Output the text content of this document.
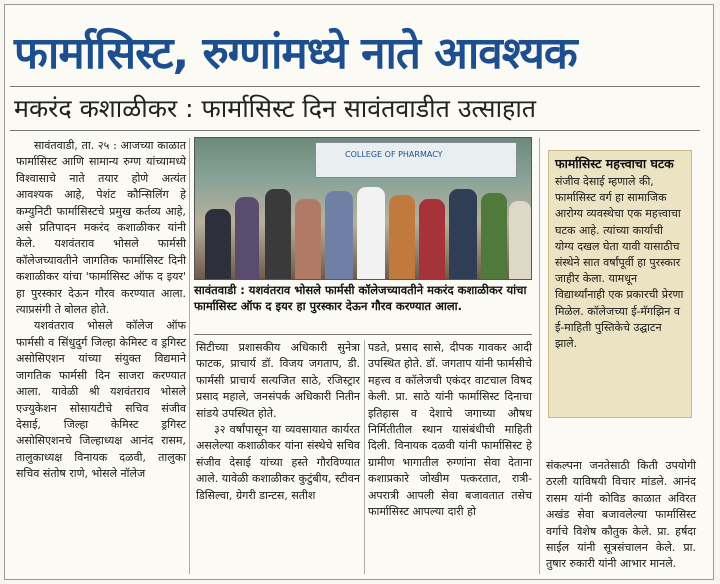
फार्मासिस्ट, रुग्णांमध्ये नाते आवश्यक
मकरंद कशाळीकर : फार्मासिस्ट दिन सावंतवाडीत उत्साहात

सावंतवाडी, ता. २५ : आजच्या काळात फार्मासिस्ट आणि सामान्य रुग्ण यांच्यामध्ये विश्वासाचे नाते तयार होणे अत्यंत आवश्यक आहे, पेशंट कौन्सिलिंग हे कम्युनिटी फार्मासिस्टचे प्रमुख कर्तव्य आहे, असे प्रतिपादन मकरंद कशाळीकर यांनी केले. यशवंतराव भोसले फार्मसी कॉलेजच्यावतीने जागतिक फार्मासिस्ट दिनी कशाळीकर यांचा 'फार्मासिस्ट ऑफ द इयर' हा पुरस्कार देऊन गौरव करण्यात आला. त्याप्रसंगी ते बोलत होते.

यशवंतराव भोसले कॉलेज ऑफ फार्मसी व सिंधुदुर्ग जिल्हा केमिस्ट व ड्रगिस्ट असोसिएशन यांच्या संयुक्त विद्यमाने जागतिक फार्मसी दिन साजरा करण्यात आला. यावेळी श्री यशवंतराव भोसले एज्युकेशन सोसायटीचे सचिव संजीव देसाई, जिल्हा केमिस्ट ड्रगिस्ट असोसिएशनचे जिल्हाध्यक्ष आनंद रासम, तालुकाध्यक्ष विनायक दळवी, तालुका सचिव संतोष राणे, भोसले नॉलेज

COLLEGE OF PHARMACY
सावंतवाडी : यशवंतराव भोसले फार्मसी कॉलेजच्यावतीने मकरंद कशाळीकर यांचा फार्मासिस्ट ऑफ द इयर हा पुरस्कार देऊन गौरव करण्यात आला.

सिटीच्या प्रशासकीय अधिकारी सुनेत्रा फाटक, प्राचार्य डॉ. विजय जगताप, डी. फार्मसी प्राचार्य सत्यजित साठे, रजिस्ट्रार प्रसाद महाले, जनसंपर्क अधिकारी नितीन सांडये उपस्थित होते.

३२ वर्षांपासून या व्यवसायात कार्यरत असलेल्या कशाळीकर यांना संस्थेचे सचिव संजीव देसाई यांच्या हस्ते गौरविण्यात आले. यावेळी कशाळीकर कुटुंबीय, स्टीवन डिसिल्वा, ग्रेगरी डान्टस, सतीश

पडते, प्रसाद सासे, दीपक गावकर आदी उपस्थित होते. डॉ. जगताप यांनी फार्मसीचे महत्त्व व कॉलेजची एकंदर वाटचाल विषद केली. प्रा. साठे यांनी फार्मासिस्ट दिनाचा इतिहास व देशाचे जगाच्या औषध निर्मितीतील स्थान यासंबंधीची माहिती दिली. विनायक दळवी यांनी फार्मासिस्ट हे ग्रामीण भागातील रुग्णांना सेवा देताना कशाप्रकारे जोखीम पत्करतात, रात्री-अपरात्री आपली सेवा बजावतात तसेच फार्मासिस्ट आपल्या दारी हो

फार्मासिस्ट महत्त्वाचा घटक
संजीव देसाई म्हणाले की, फार्मासिस्ट वर्ग हा सामाजिक आरोग्य व्यवस्थेचा एक महत्त्वाचा घटक आहे. त्यांच्या कार्याची योग्य दखल घेता यावी यासाठीच संस्थेने सात वर्षांपूर्वी हा पुरस्कार जाहीर केला. यामधून विद्यार्थ्यांनाही एक प्रकारची प्रेरणा मिळेल. कॉलेजच्या ई-मॅगझिन व ई-माहिती पुस्तिकेचे उद्घाटन झाले.

संकल्पना जनतेसाठी किती उपयोगी ठरली याविषयी विचार मांडले. आनंद रासम यांनी कोविड काळात अविरत अखंड सेवा बजावलेल्या फार्मासिस्ट वर्गाचे विशेष कौतुक केले. प्रा. हर्षदा साईल यांनी सूत्रसंचालन केले. प्रा. तुषार रुकारी यांनी आभार मानले.
